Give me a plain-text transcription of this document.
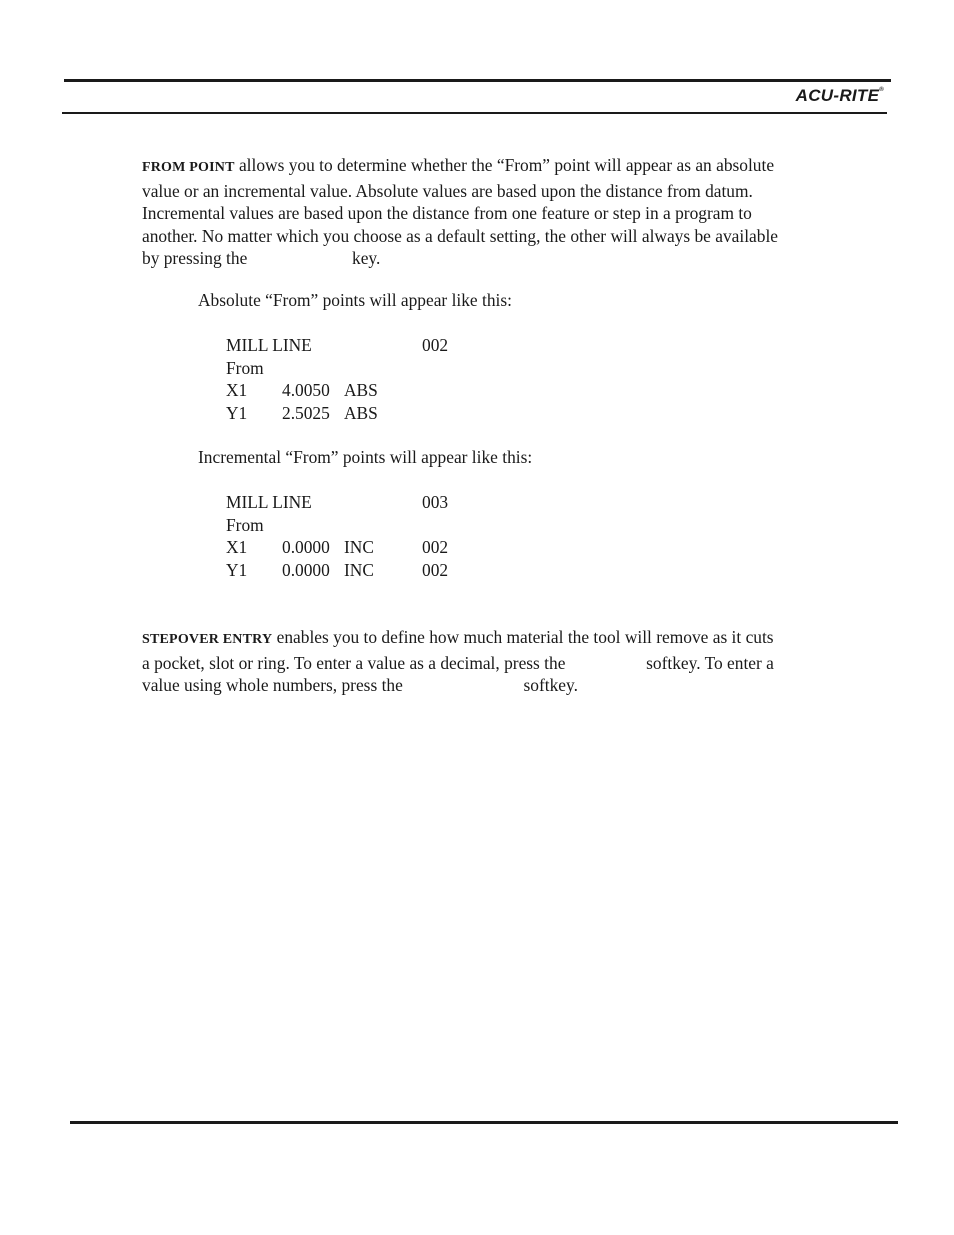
ACU-RITE®

FROM POINT allows you to determine whether the “From” point will appear as an absolute
value or an incremental value. Absolute values are based upon the distance from datum.
Incremental values are based upon the distance from one feature or step in a program to
another. No matter which you choose as a default setting, the other will always be available
by pressing the	key.

Absolute “From” points will appear like this:

MILL LINE	002
From
X1 4.0050 ABS
Y1 2.5025 ABS

Incremental “From” points will appear like this:

MILL LINE	003
From
X1 0.0000 INC	002
Y1 0.0000 INC	002

STEPOVER ENTRY enables you to define how much material the tool will remove as it cuts
a pocket, slot or ring. To enter a value as a decimal, press the	softkey. To enter a
value using whole numbers, press the	softkey.
